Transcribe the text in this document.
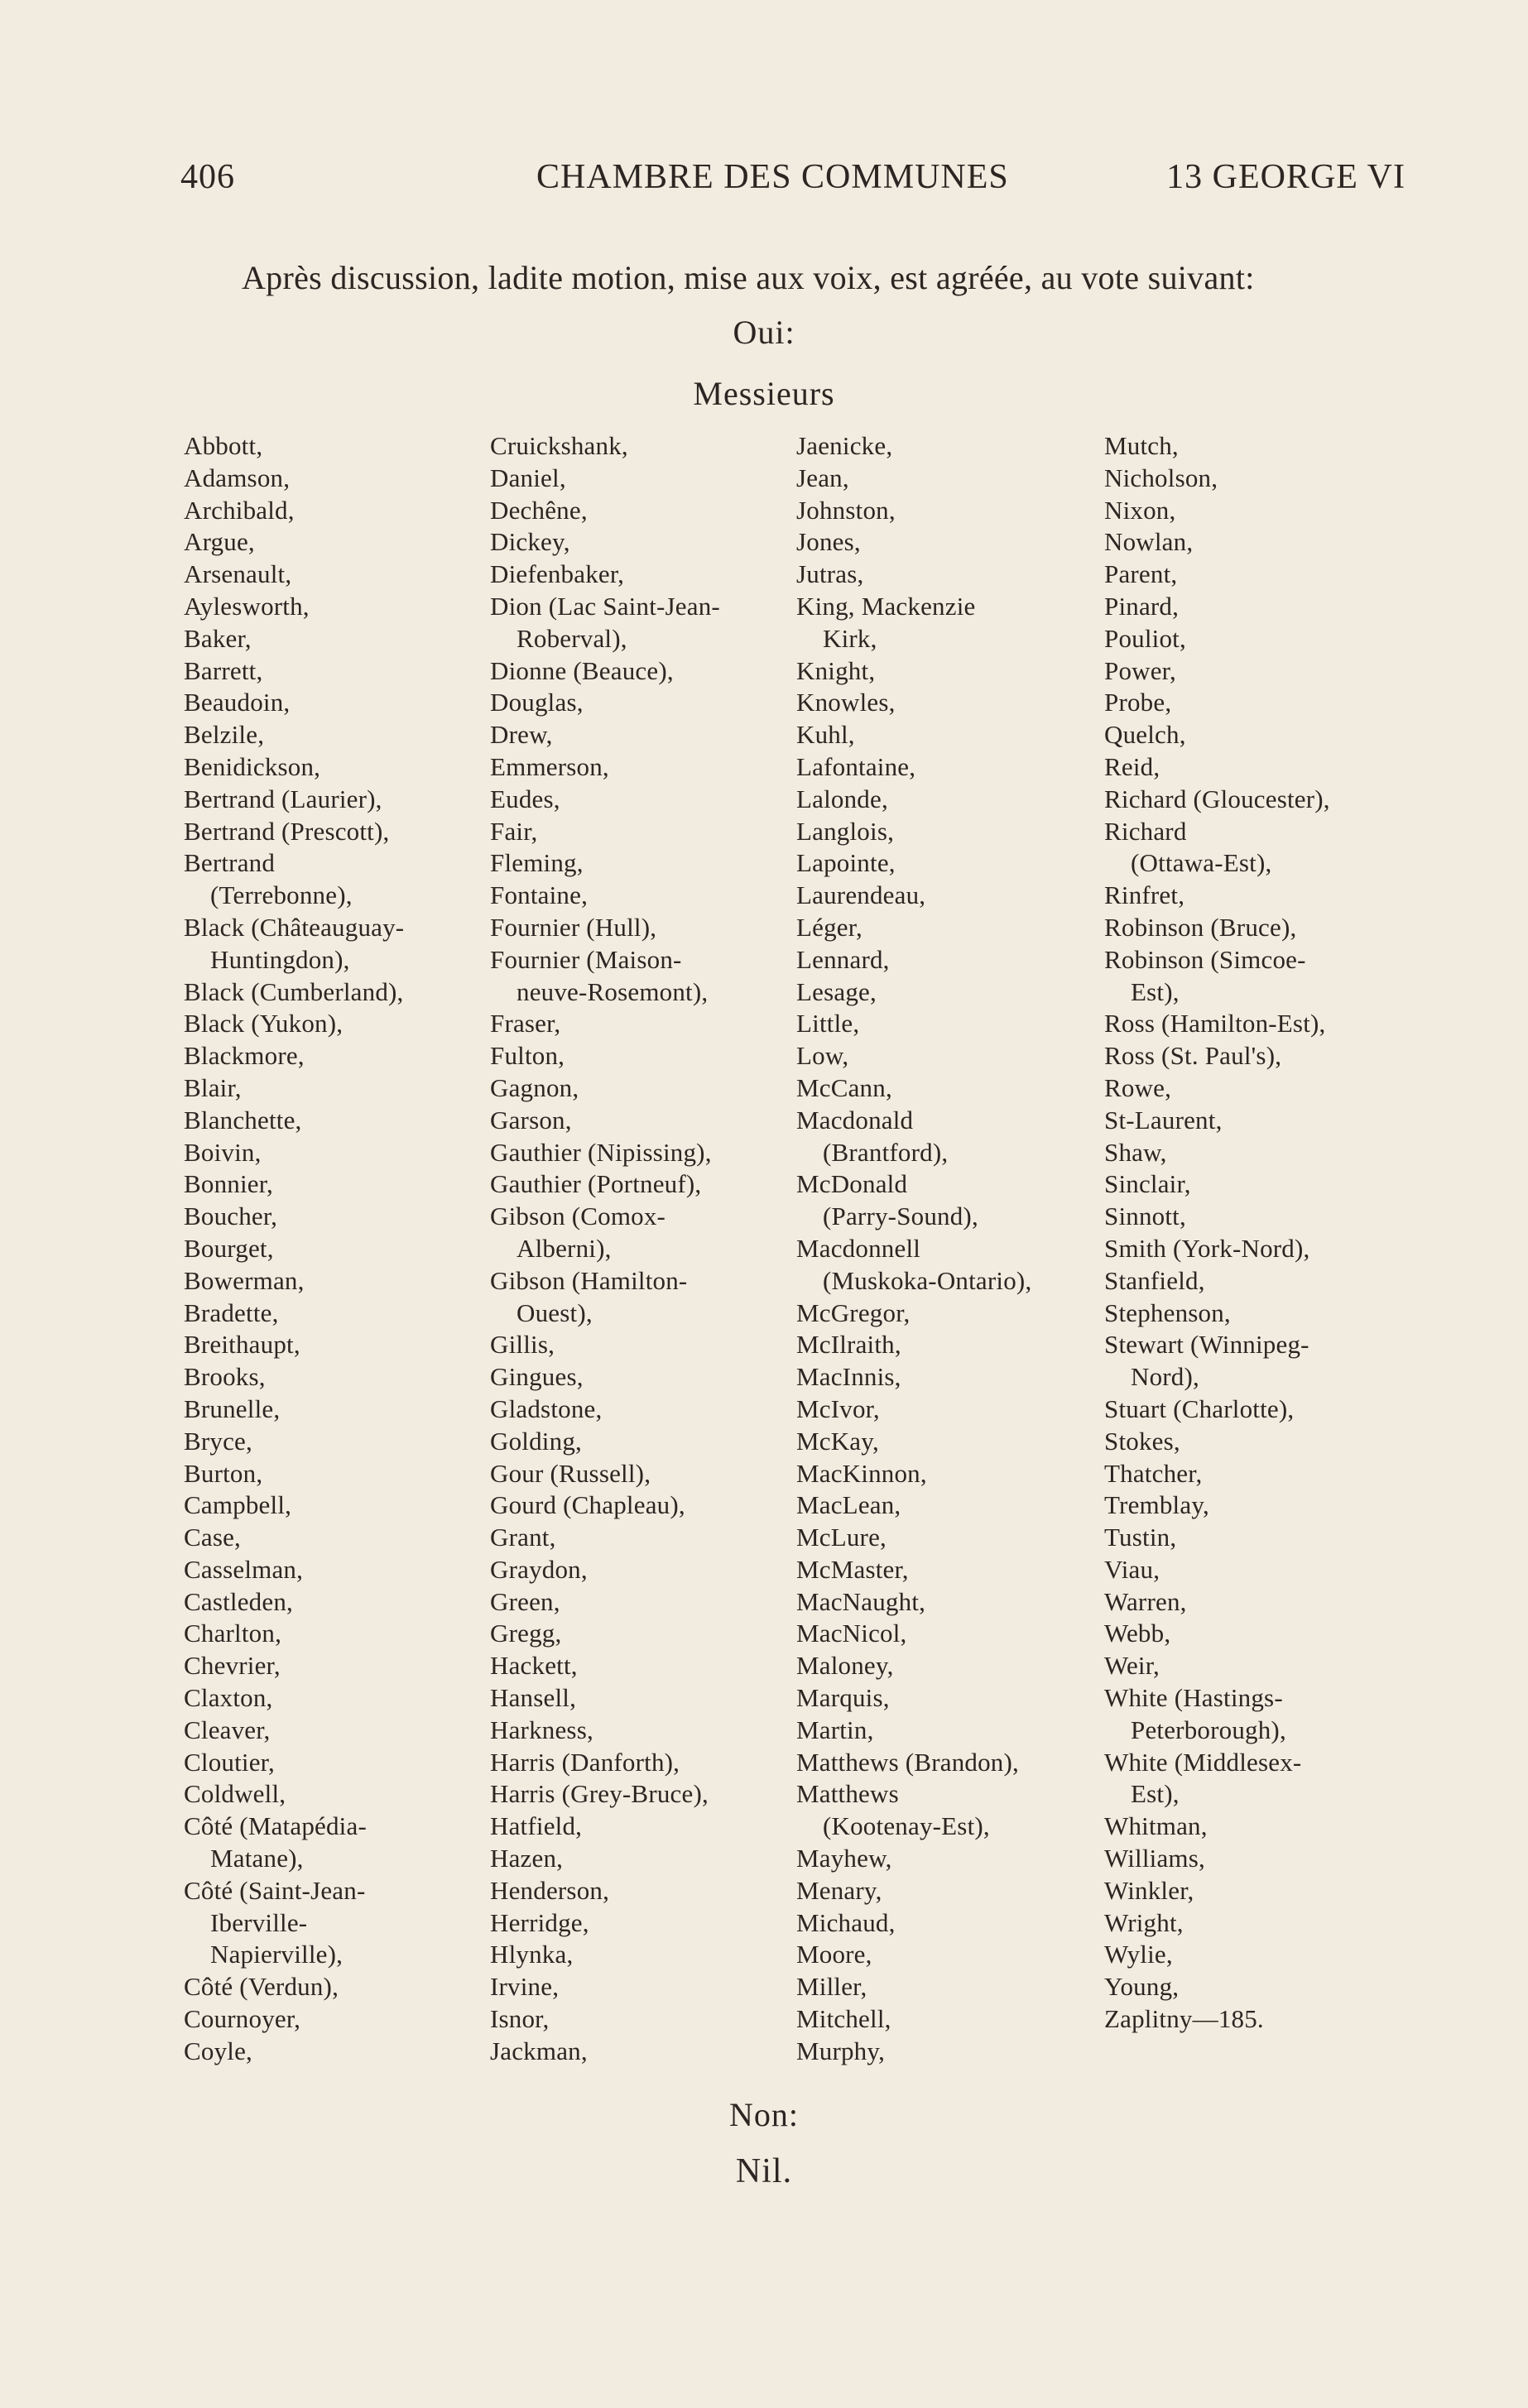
406	CHAMBRE DES COMMUNES	13 GEORGE VI
Après discussion, ladite motion, mise aux voix, est agréée, au vote suivant:
Oui:
Messieurs
Abbott,
Adamson,
Archibald,
Argue,
Arsenault,
Aylesworth,
Baker,
Barrett,
Beaudoin,
Belzile,
Benidickson,
Bertrand (Laurier),
Bertrand (Prescott),
Bertrand
(Terrebonne),
Black (Châteauguay-
Huntingdon),
Black (Cumberland),
Black (Yukon),
Blackmore,
Blair,
Blanchette,
Boivin,
Bonnier,
Boucher,
Bourget,
Bowerman,
Bradette,
Breithaupt,
Brooks,
Brunelle,
Bryce,
Burton,
Campbell,
Case,
Casselman,
Castleden,
Charlton,
Chevrier,
Claxton,
Cleaver,
Cloutier,
Coldwell,
Côté (Matapédia-
Matane),
Côté (Saint-Jean-
Iberville-
Napierville),
Côté (Verdun),
Cournoyer,
Coyle,
Cruickshank,
Daniel,
Dechêne,
Dickey,
Diefenbaker,
Dion (Lac Saint-Jean-
Roberval),
Dionne (Beauce),
Douglas,
Drew,
Emmerson,
Eudes,
Fair,
Fleming,
Fontaine,
Fournier (Hull),
Fournier (Maison-
neuve-Rosemont),
Fraser,
Fulton,
Gagnon,
Garson,
Gauthier (Nipissing),
Gauthier (Portneuf),
Gibson (Comox-
Alberni),
Gibson (Hamilton-
Ouest),
Gillis,
Gingues,
Gladstone,
Golding,
Gour (Russell),
Gourd (Chapleau),
Grant,
Graydon,
Green,
Gregg,
Hackett,
Hansell,
Harkness,
Harris (Danforth),
Harris (Grey-Bruce),
Hatfield,
Hazen,
Henderson,
Herridge,
Hlynka,
Irvine,
Isnor,
Jackman,
Jaenicke,
Jean,
Johnston,
Jones,
Jutras,
King, Mackenzie
Kirk,
Knight,
Knowles,
Kuhl,
Lafontaine,
Lalonde,
Langlois,
Lapointe,
Laurendeau,
Léger,
Lennard,
Lesage,
Little,
Low,
McCann,
Macdonald
(Brantford),
McDonald
(Parry-Sound),
Macdonnell
(Muskoka-Ontario),
McGregor,
McIlraith,
MacInnis,
McIvor,
McKay,
MacKinnon,
MacLean,
McLure,
McMaster,
MacNaught,
MacNicol,
Maloney,
Marquis,
Martin,
Matthews (Brandon),
Matthews
(Kootenay-Est),
Mayhew,
Menary,
Michaud,
Moore,
Miller,
Mitchell,
Murphy,
Mutch,
Nicholson,
Nixon,
Nowlan,
Parent,
Pinard,
Pouliot,
Power,
Probe,
Quelch,
Reid,
Richard (Gloucester),
Richard
(Ottawa-Est),
Rinfret,
Robinson (Bruce),
Robinson (Simcoe-
Est),
Ross (Hamilton-Est),
Ross (St. Paul's),
Rowe,
St-Laurent,
Shaw,
Sinclair,
Sinnott,
Smith (York-Nord),
Stanfield,
Stephenson,
Stewart (Winnipeg-
Nord),
Stuart (Charlotte),
Stokes,
Thatcher,
Tremblay,
Tustin,
Viau,
Warren,
Webb,
Weir,
White (Hastings-
Peterborough),
White (Middlesex-
Est),
Whitman,
Williams,
Winkler,
Wright,
Wylie,
Young,
Zaplitny—185.
Non:
Nil.
